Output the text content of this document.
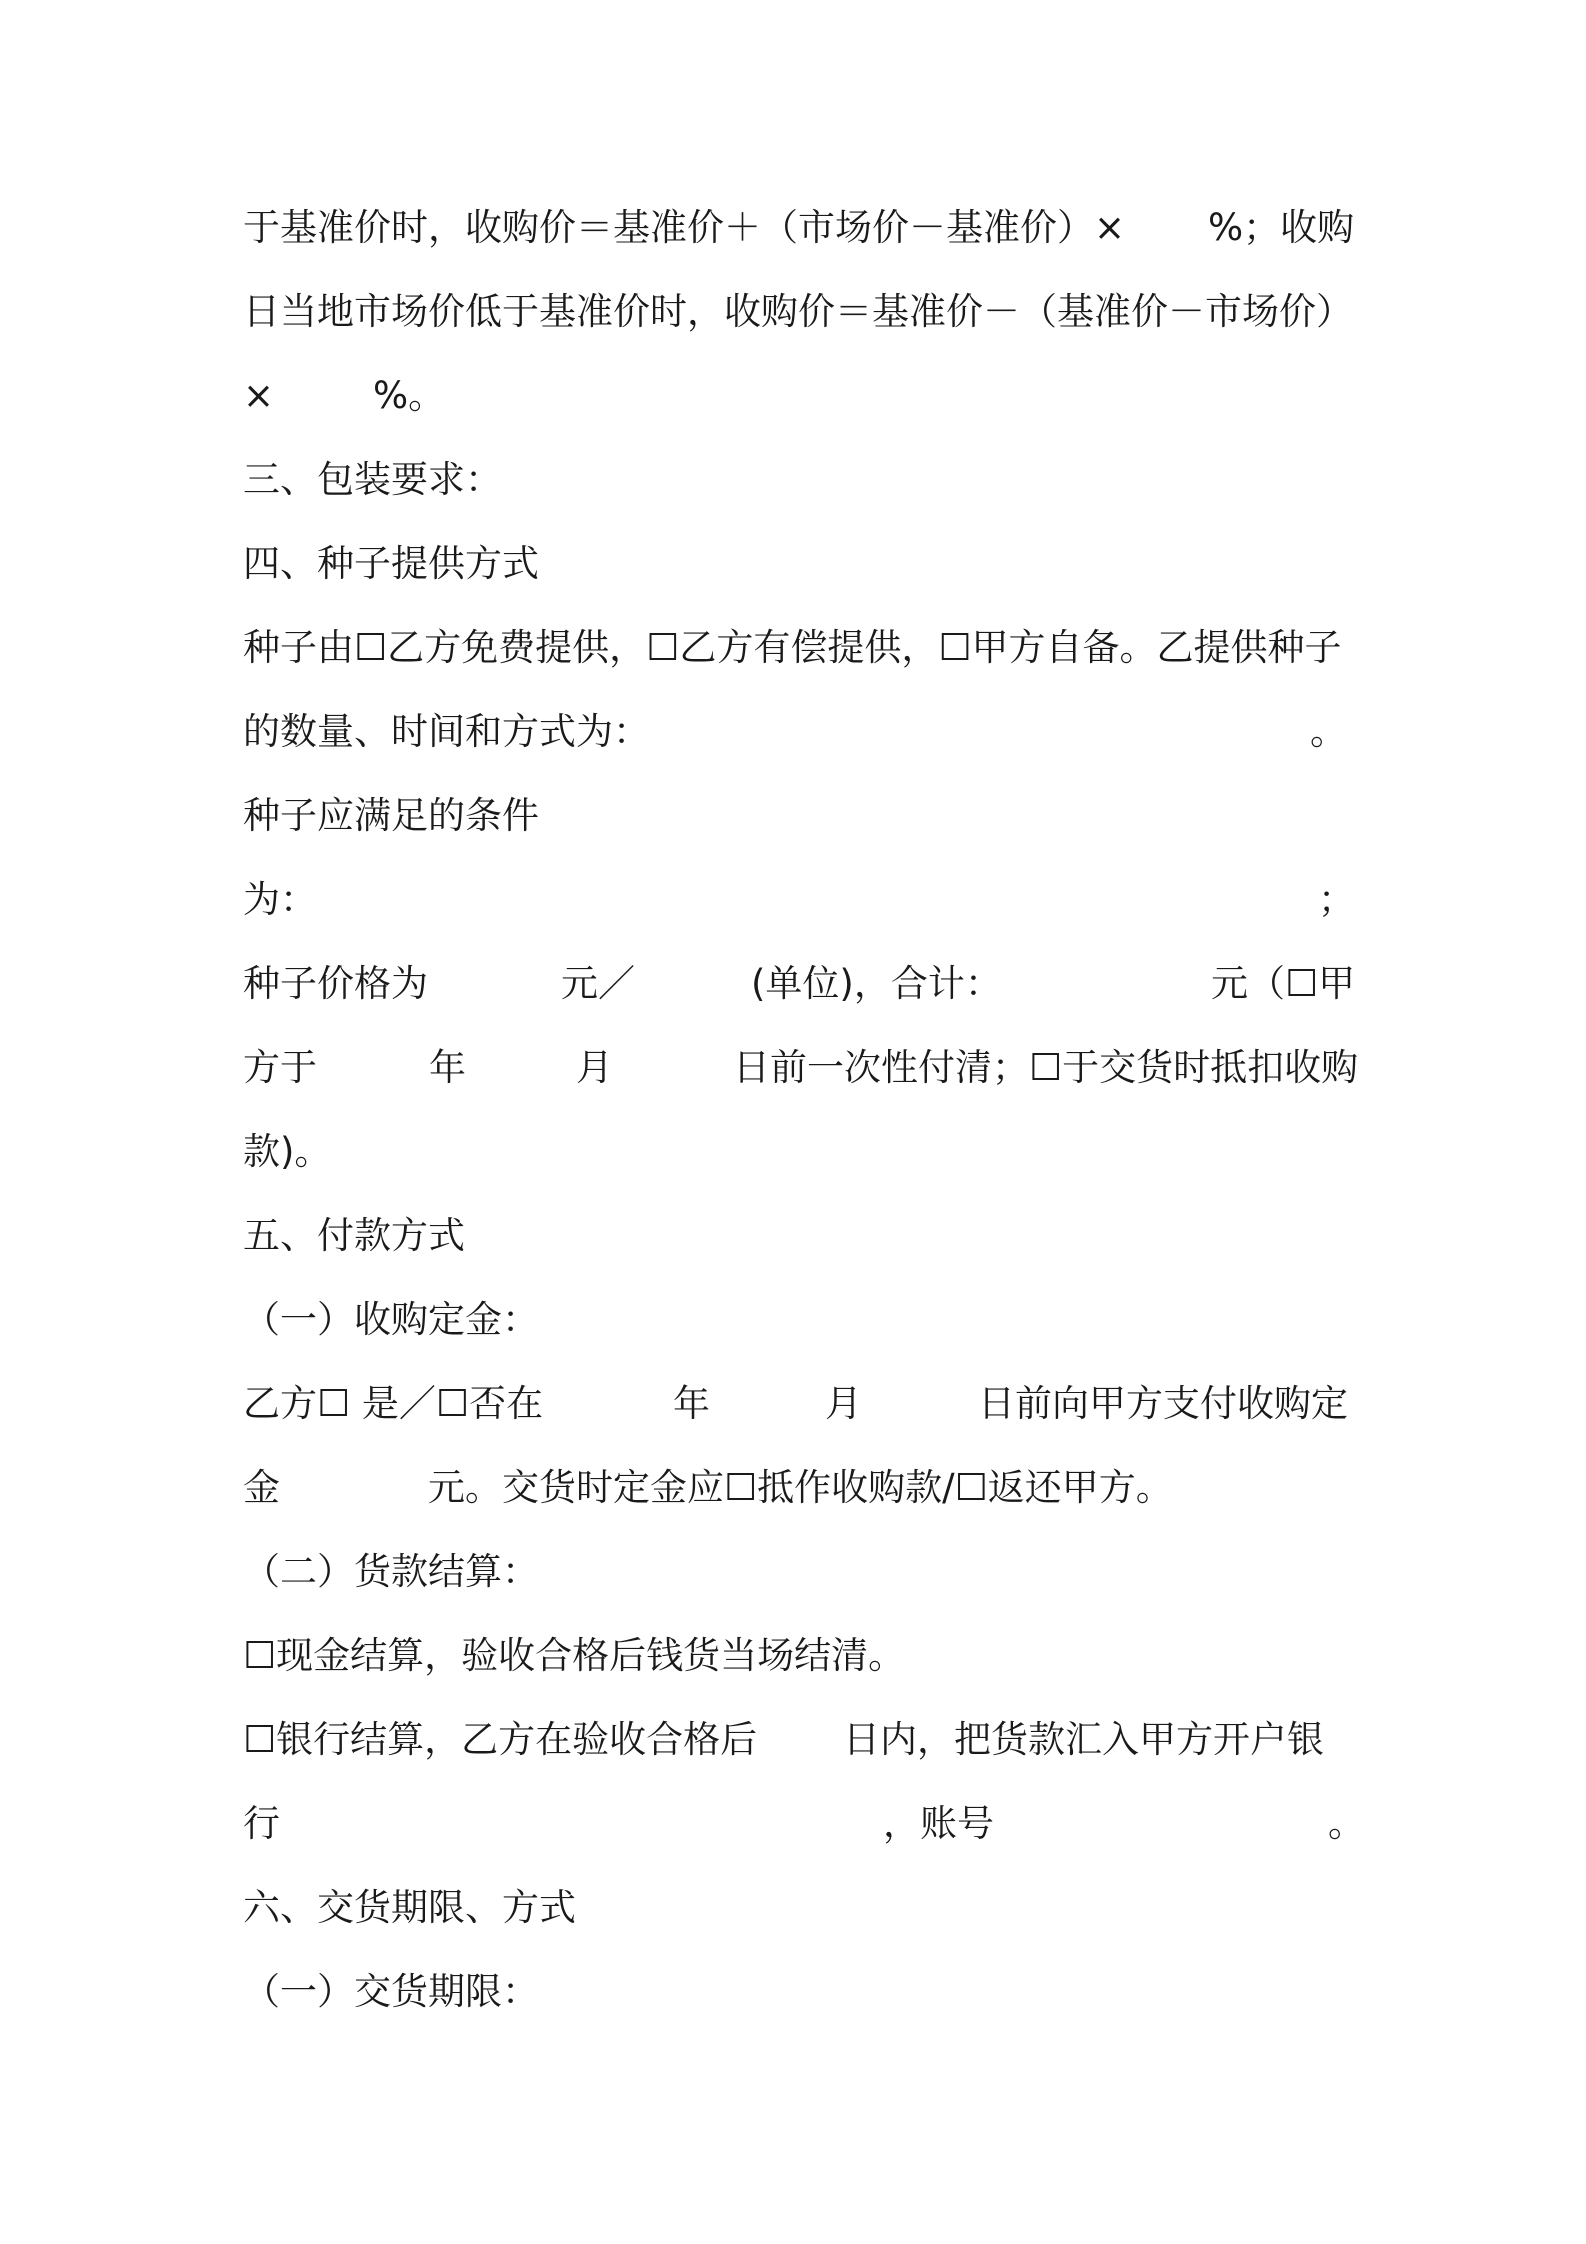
于基准价时，收购价＝基准价＋（市场价－基准价）×

%；收购

日当地市场价低于基准价时，收购价＝基准价－（基准价－市场价）

×

	%。

三、包装要求：
四、种子提供方式
种子由☐乙方免费提供，☐乙方有偿提供，☐甲方自备。乙提供种子

的数量、时间和方式为：

	。

种子应满足的条件

为：

	；

种子价格为

	元／

	(单位)，合计：

	元（☐甲

方于

	年

	月

	日前一次性付清；☐于交货时抵扣收购

款)。
五、付款方式
（一）收购定金：

乙方☐ 是／☐否在

	年

	月

	日前向甲方支付收购定

金

	元。交货时定金应☐抵作收购款/☐返还甲方。

（二）货款结算：
☐现金结算，验收合格后钱货当场结清。

☐银行结算，乙方在验收合格后

日内，把货款汇入甲方开户银

行

	，账号

	。

六、交货期限、方式
（一）交货期限：
